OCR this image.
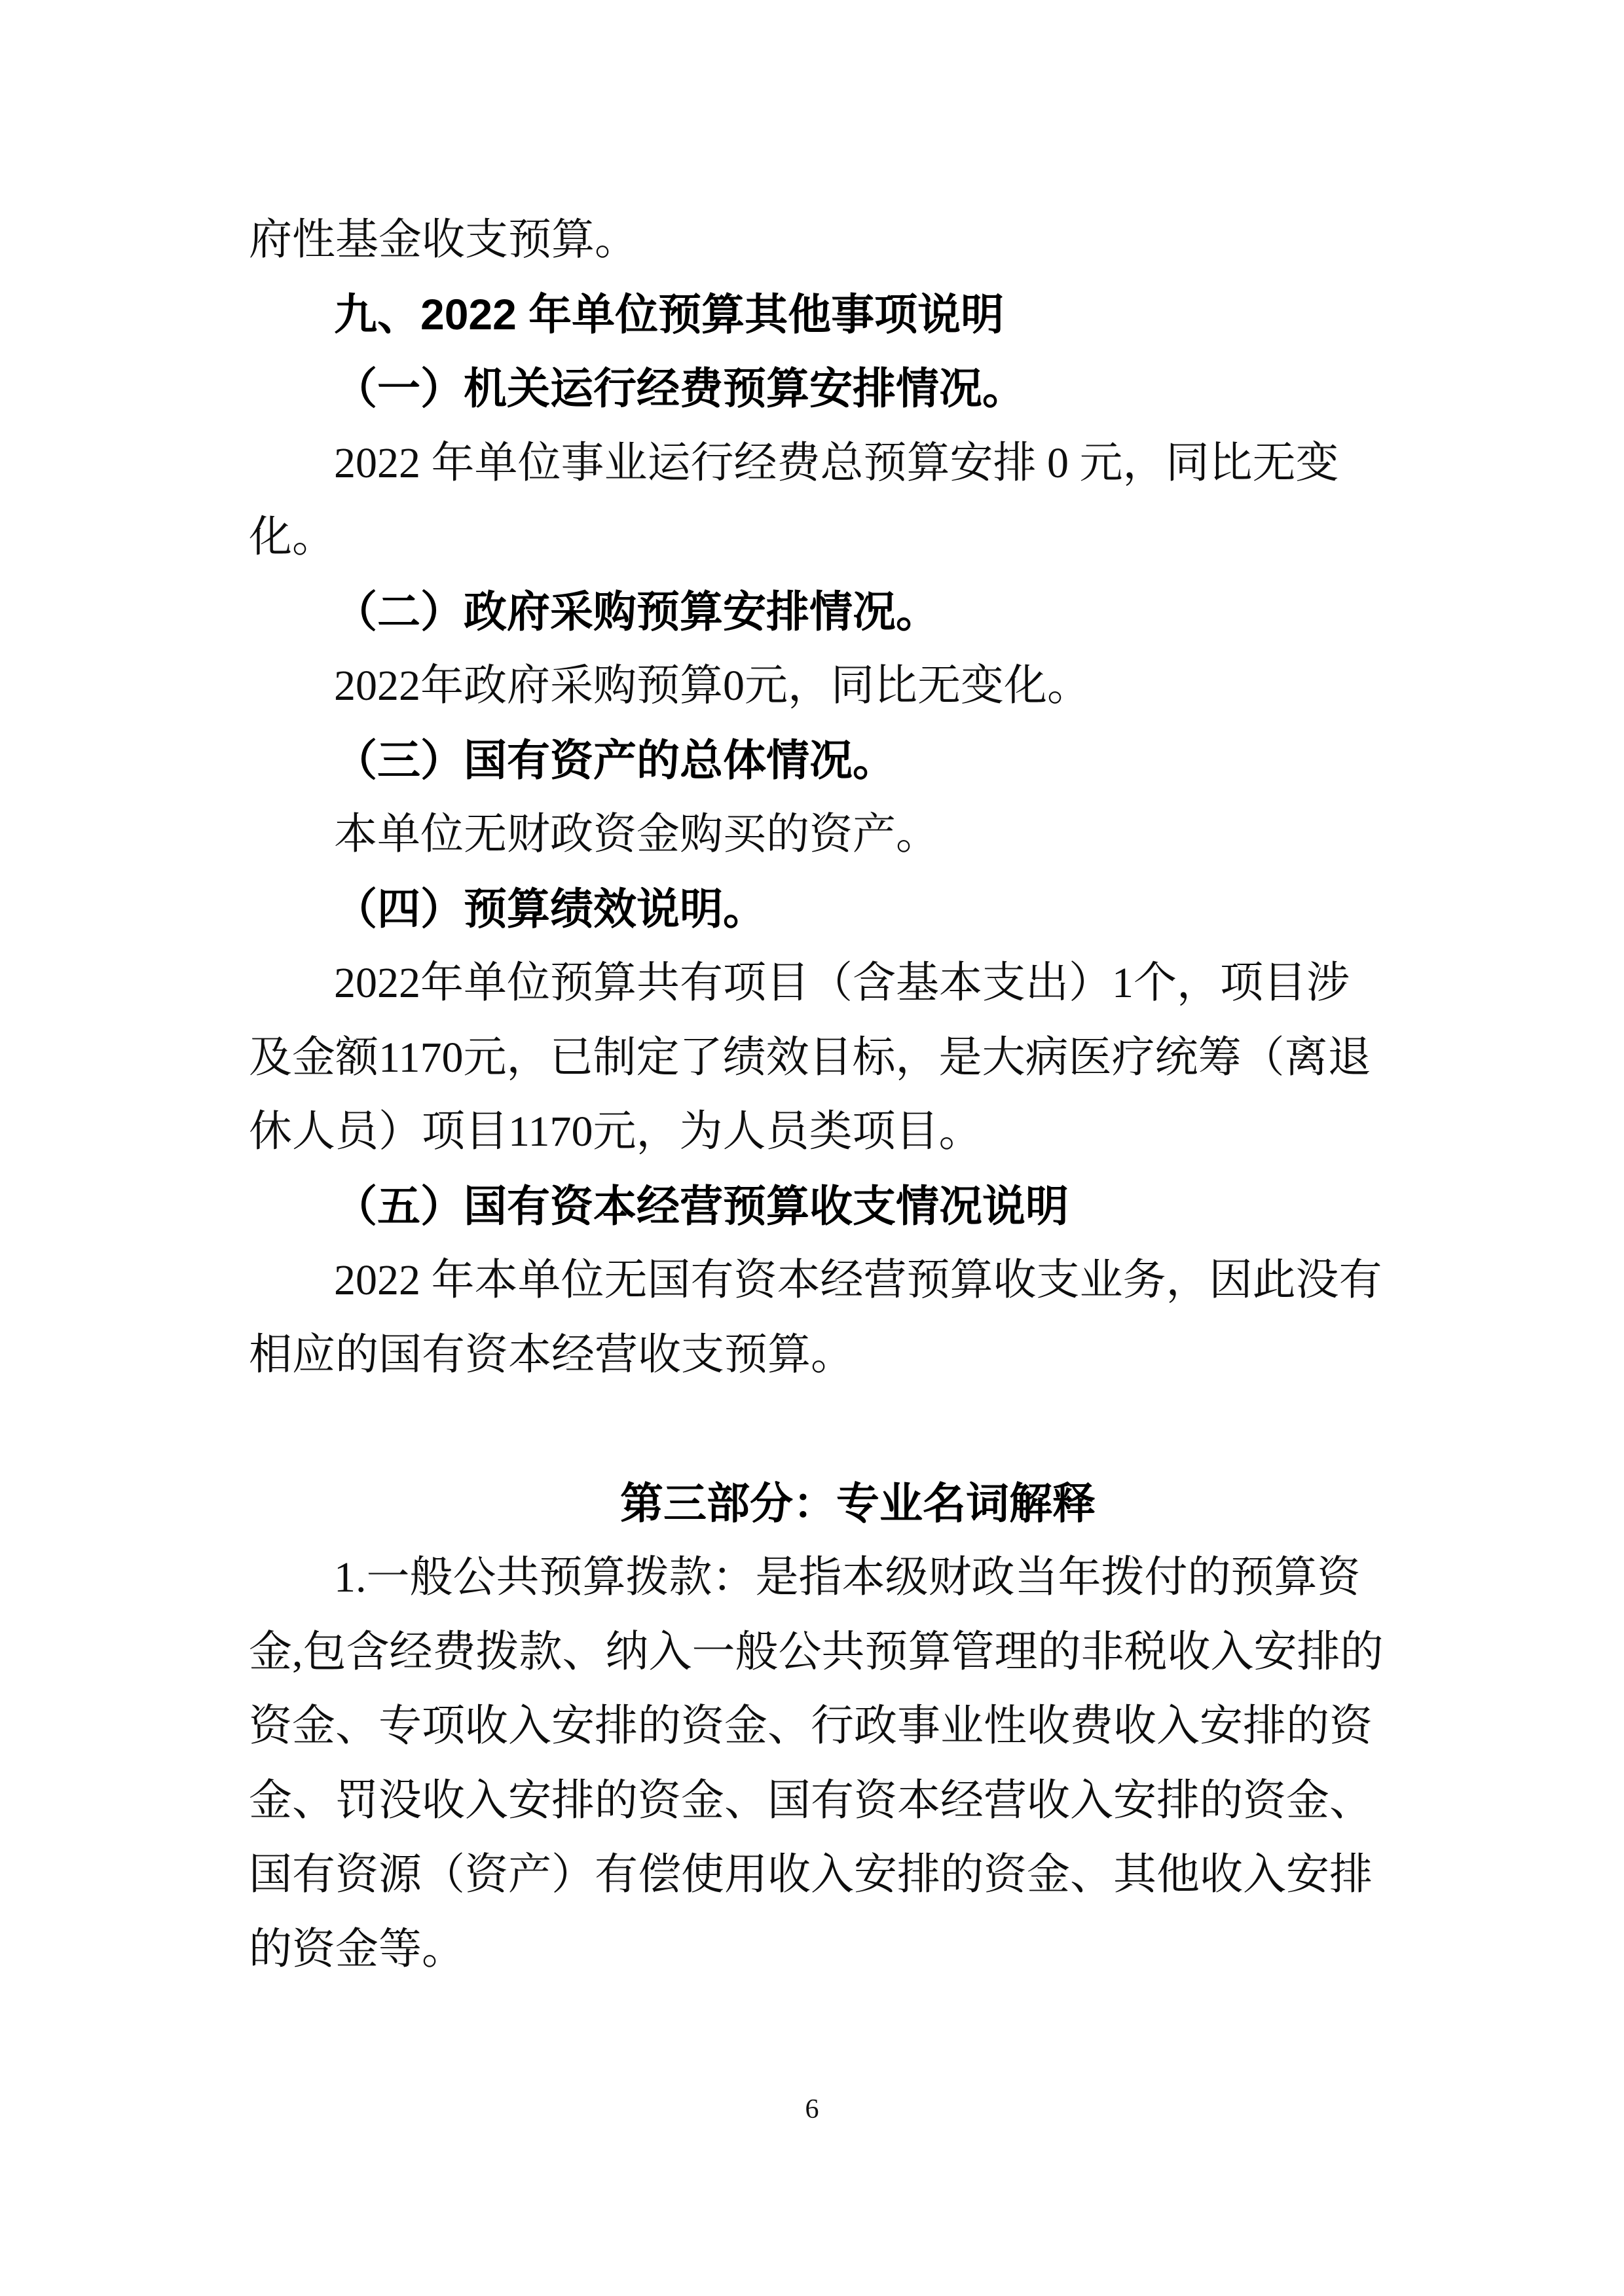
府性基金收支预算。
九、2022 年单位预算其他事项说明
（一）机关运行经费预算安排情况。
2022 年单位事业运行经费总预算安排 0 元，同比无变
化。
（二）政府采购预算安排情况。
2022年政府采购预算0元，同比无变化。
（三）国有资产的总体情况。
本单位无财政资金购买的资产。
（四）预算绩效说明。
2022年单位预算共有项目（含基本支出）1个，项目涉
及金额1170元，已制定了绩效目标，是大病医疗统筹（离退
休人员）项目1170元，为人员类项目。
（五）国有资本经营预算收支情况说明
2022 年本单位无国有资本经营预算收支业务，因此没有
相应的国有资本经营收支预算。
第三部分：专业名词解释
1.一般公共预算拨款：是指本级财政当年拨付的预算资
金,包含经费拨款、纳入一般公共预算管理的非税收入安排的
资金、专项收入安排的资金、行政事业性收费收入安排的资
金、罚没收入安排的资金、国有资本经营收入安排的资金、
国有资源（资产）有偿使用收入安排的资金、其他收入安排
的资金等。
6
